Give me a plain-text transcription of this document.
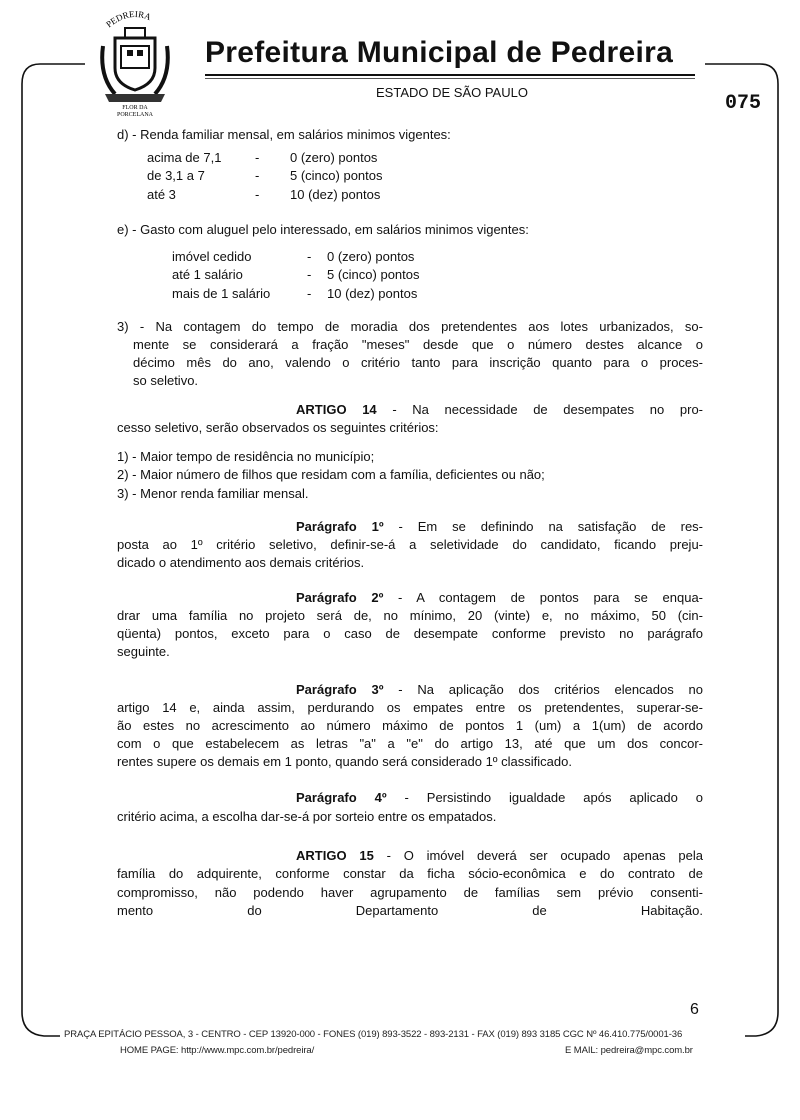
PEDREIRA
FLOR DA
PORCELANA
Prefeitura Municipal de Pedreira
ESTADO DE SÃO PAULO	075
d) - Renda familiar mensal, em salários minimos vigentes:
acima de 7,1	- 0 (zero) pontos
de 3,1 a 7	- 5 (cinco) pontos
até 3	- 10 (dez) pontos
e) - Gasto com aluguel pelo interessado, em salários minimos vigentes:
imóvel cedido	- 0 (zero) pontos
até 1 salário	- 5 (cinco) pontos
mais de 1 salário	- 10 (dez) pontos
3) - Na contagem do tempo de moradia dos pretendentes aos lotes urbanizados, so-
mente se considerará a fração "meses" desde que o número destes alcance o
décimo mês do ano, valendo o critério tanto para inscrição quanto para o proces-
so seletivo.
ARTIGO 14 - Na necessidade de desempates no pro-
cesso seletivo, serão observados os seguintes critérios:
1) - Maior tempo de residência no município;
2) - Maior número de filhos que residam com a família, deficientes ou não;
3) - Menor renda familiar mensal.
Parágrafo 1º - Em se definindo na satisfação de res-
posta ao 1º critério seletivo, definir-se-á a seletividade do candidato, ficando preju-
dicado o atendimento aos demais critérios.
Parágrafo 2º - A contagem de pontos para se enqua-
drar uma família no projeto será de, no mínimo, 20 (vinte) e, no máximo, 50 (cin-
qüenta) pontos, exceto para o caso de desempate conforme previsto no parágrafo
seguinte.
Parágrafo 3º - Na aplicação dos critérios elencados no
artigo 14 e, ainda assim, perdurando os empates entre os pretendentes, superar-se-
ão estes no acrescimento ao número máximo de pontos 1 (um) a 1(um) de acordo
com o que estabelecem as letras "a" a "e" do artigo 13, até que um dos concor-
rentes supere os demais em 1 ponto, quando será considerado 1º classificado.
Parágrafo 4º - Persistindo igualdade após aplicado o
critério acima, a escolha dar-se-á por sorteio entre os empatados.
ARTIGO 15 - O imóvel deverá ser ocupado apenas pela
família do adquirente, conforme constar da ficha sócio-econômica e do contrato de
compromisso, não podendo haver agrupamento de famílias sem prévio consenti-
mento do Departamento de Habitação.
6
PRAÇA EPITÁCIO PESSOA, 3 - CENTRO - CEP 13920-000 - FONES (019) 893-3522 - 893-2131 - FAX (019) 893 3185 CGC Nº 46.410.775/0001-36
HOME PAGE: http://www.mpc.com.br/pedreira/	E MAIL: pedreira@mpc.com.br
